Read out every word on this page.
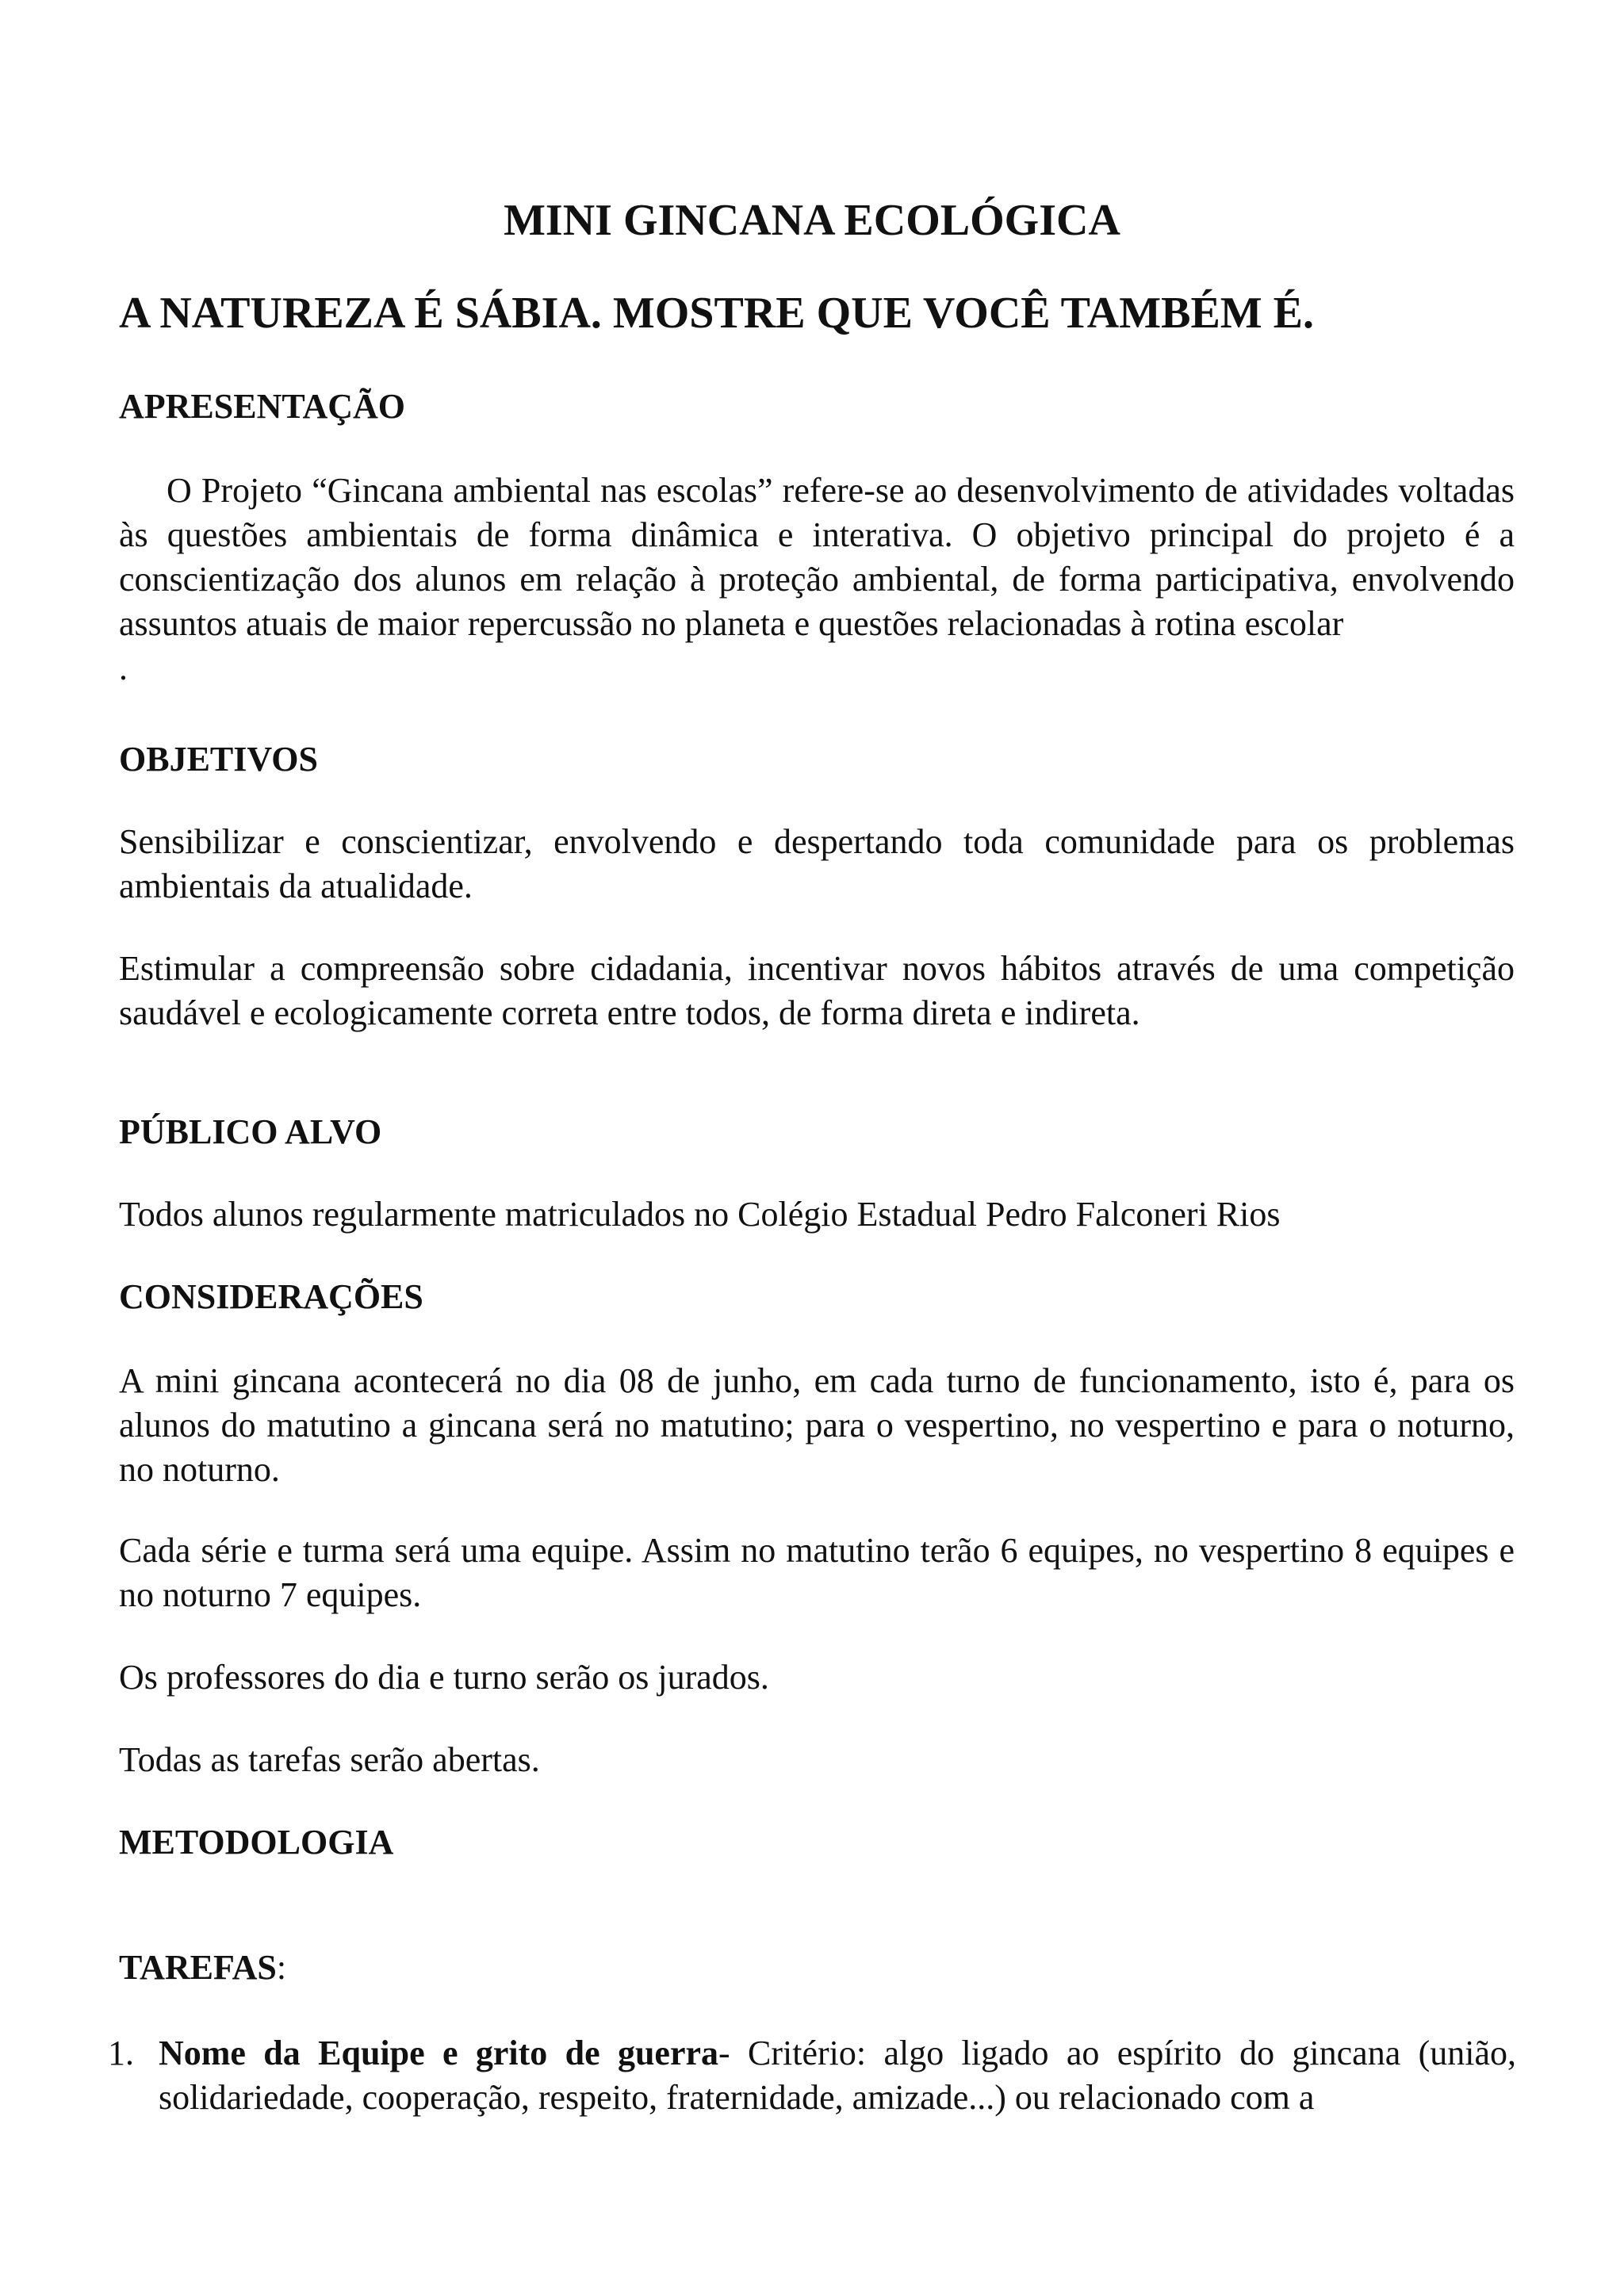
MINI GINCANA ECOLÓGICA
A NATUREZA É SÁBIA. MOSTRE QUE VOCÊ TAMBÉM É.
APRESENTAÇÃO

O Projeto “Gincana ambiental nas escolas” refere-se ao desenvolvimento de atividades voltadas às questões ambientais de forma dinâmica e interativa. O objetivo principal do projeto é a conscientização dos alunos em relação à proteção ambiental, de forma participativa, envolvendo assuntos atuais de maior repercussão no planeta e questões relacionadas à rotina escolar

.

OBJETIVOS

Sensibilizar e conscientizar, envolvendo e despertando toda comunidade para os problemas ambientais da atualidade.

Estimular a compreensão sobre cidadania, incentivar novos hábitos através de uma competição saudável e ecologicamente correta entre todos, de forma direta e indireta.

PÚBLICO ALVO

Todos alunos regularmente matriculados no Colégio Estadual Pedro Falconeri Rios

CONSIDERAÇÕES

A mini gincana acontecerá no dia 08 de junho, em cada turno de funcionamento, isto é, para os alunos do matutino a gincana será no matutino; para o vespertino, no vespertino e para o noturno, no noturno.

Cada série e turma será uma equipe. Assim no matutino terão 6 equipes, no vespertino 8 equipes e no noturno 7 equipes.

Os professores do dia e turno serão os jurados.

Todas as tarefas serão abertas.

METODOLOGIA
TAREFAS:
1. Nome da Equipe e grito de guerra- Critério: algo ligado ao espírito do gincana (união, solidariedade, cooperação, respeito, fraternidade, amizade...) ou relacionado com a
